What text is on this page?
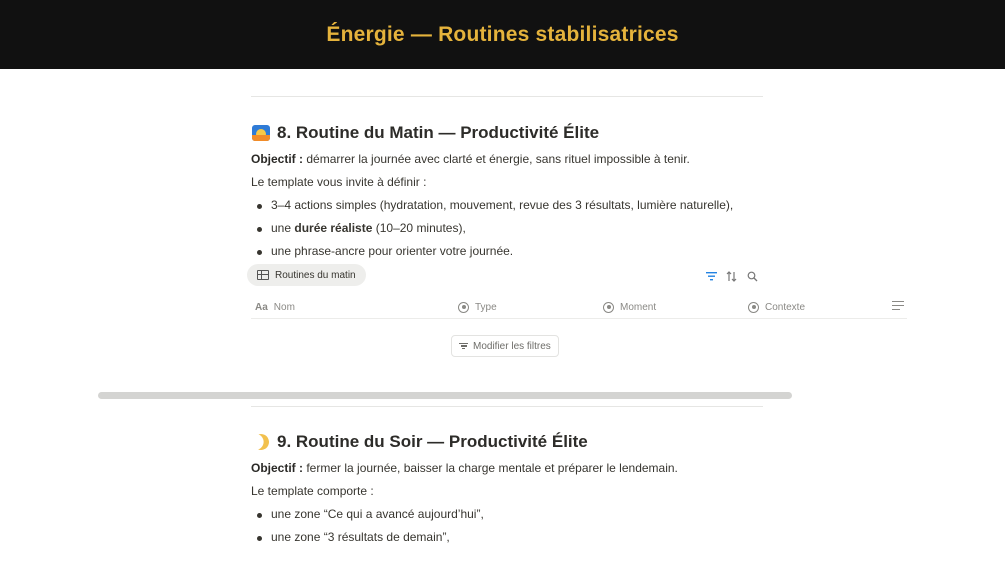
Énergie — Routines stabilisatrices
8. Routine du Matin — Productivité Élite

Objectif : démarrer la journée avec clarté et énergie, sans rituel impossible à tenir.

Le template vous invite à définir :

3–4 actions simples (hydratation, mouvement, revue des 3 résultats, lumière naturelle),
une durée réaliste (10–20 minutes),
une phrase-ancre pour orienter votre journée.
Routines du matin
Aa Nom	Type	Moment	Contexte
Modifier les filtres
9. Routine du Soir — Productivité Élite

Objectif : fermer la journée, baisser la charge mentale et préparer le lendemain.

Le template comporte :

une zone “Ce qui a avancé aujourd’hui”,
une zone “3 résultats de demain”,
